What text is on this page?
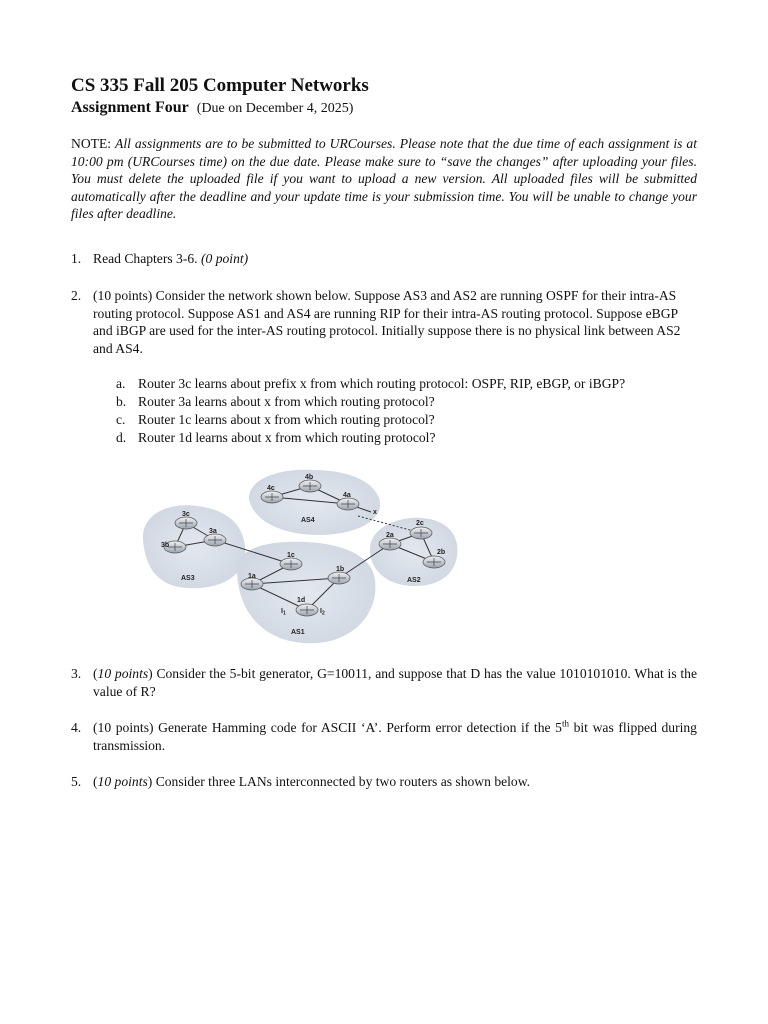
CS 335 Fall 205 Computer Networks
Assignment Four (Due on December 4, 2025)
NOTE: All assignments are to be submitted to URCourses. Please note that the due time of each assignment is at 10:00 pm (URCourses time) on the due date. Please make sure to “save the changes” after uploading your files. You must delete the uploaded file if you want to upload a new version. All uploaded files will be submitted automatically after the deadline and your update time is your submission time. You will be unable to change your files after deadline.
1. Read Chapters 3-6. (0 point)
2. (10 points) Consider the network shown below. Suppose AS3 and AS2 are running OSPF for their intra-AS routing protocol. Suppose AS1 and AS4 are running RIP for their intra-AS routing protocol. Suppose eBGP and iBGP are used for the inter-AS routing protocol. Initially suppose there is no physical link between AS2 and AS4.
a. Router 3c learns about prefix x from which routing protocol: OSPF, RIP, eBGP, or iBGP?
b. Router 3a learns about x from which routing protocol?
c. Router 1c learns about x from which routing protocol?
d. Router 1d learns about x from which routing protocol?
4c
4b
4a
3c
3a
3b
1c
1a
1b
1d
2a
2c
2b
$I_1$	$I_2$
x
AS4
AS3
AS1
AS2
3. (10 points) Consider the 5-bit generator, G=10011, and suppose that D has the value 1010101010. What is the value of R?
4. (10 points) Generate Hamming code for ASCII ‘A’. Perform error detection if the 5th bit was flipped during transmission.
5. (10 points) Consider three LANs interconnected by two routers as shown below.
